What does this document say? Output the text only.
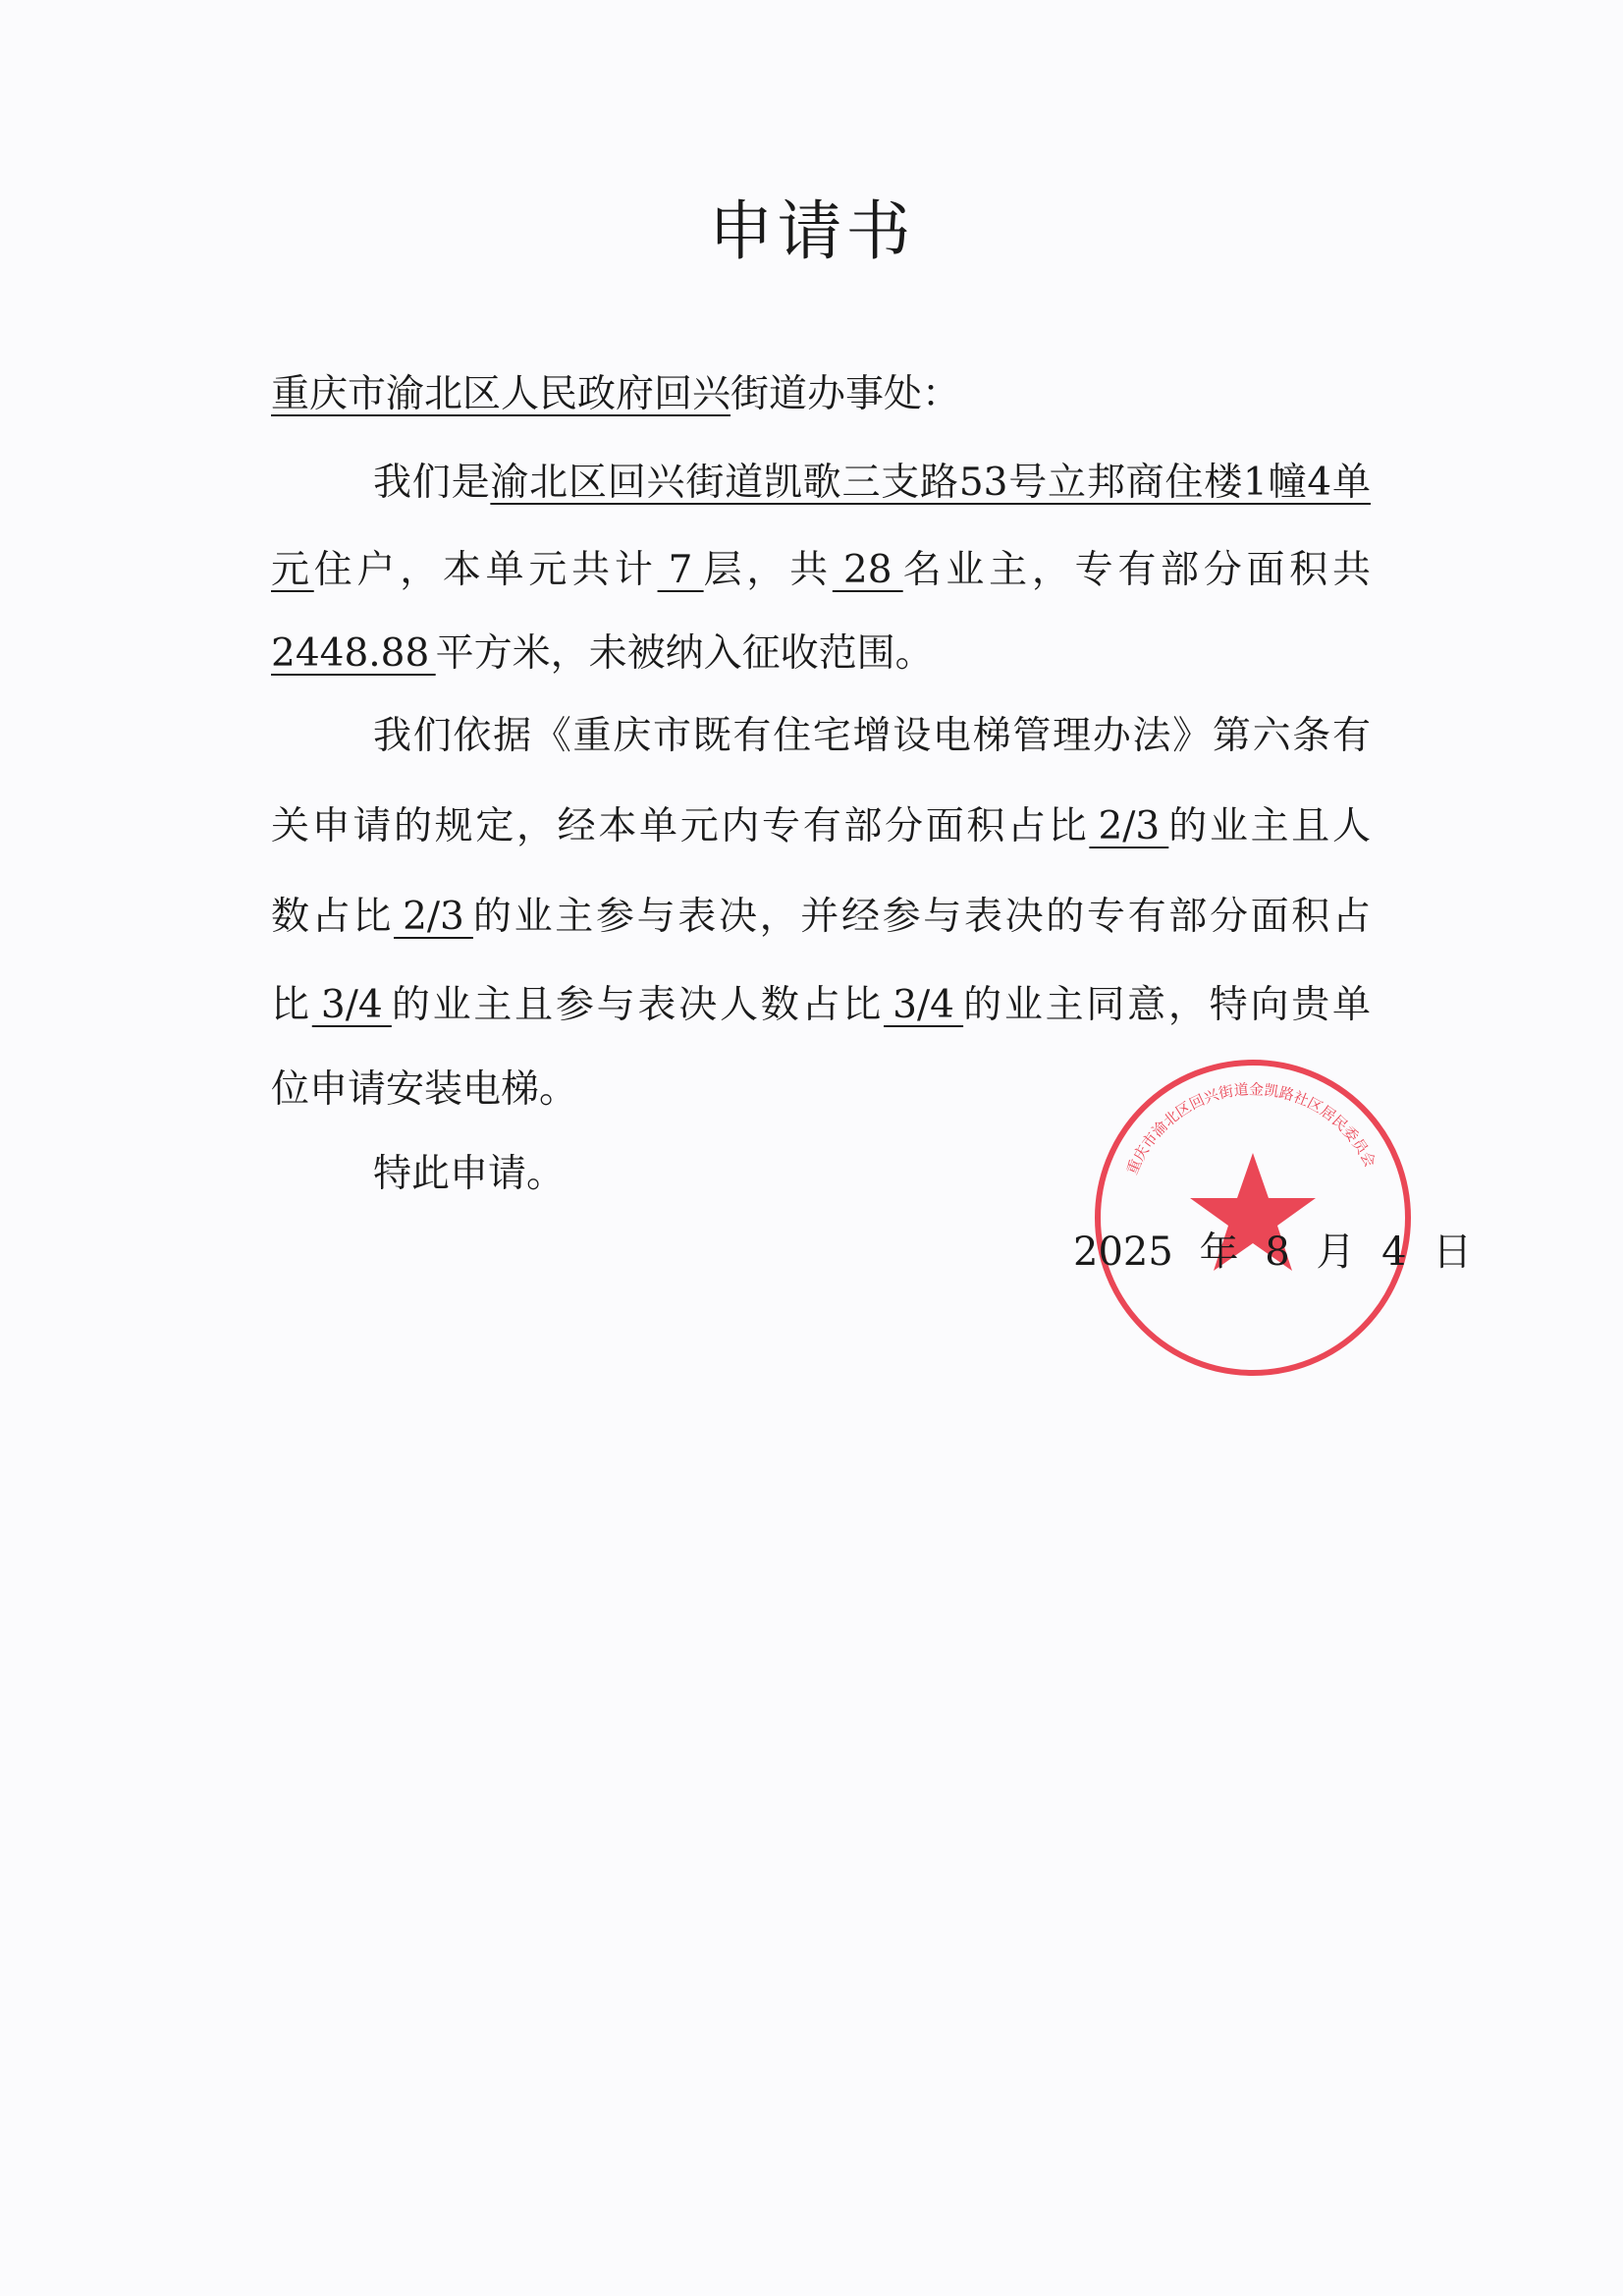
申请书
重庆市渝北区人民政府回兴街道办事处：
我们是渝北区回兴街道凯歌三支路53号立邦商住楼1幢4单
元住户，本单元共计 7 层，共 28 名业主，专有部分面积共
2448.88 平方米，未被纳入征收范围。
我们依据《重庆市既有住宅增设电梯管理办法》第六条有
关申请的规定，经本单元内专有部分面积占比 2/3 的业主且人
数占比 2/3 的业主参与表决，并经参与表决的专有部分面积占
比 3/4 的业主且参与表决人数占比 3/4 的业主同意，特向贵单
位申请安装电梯。
特此申请。	重庆市渝北区回兴街道金凯路社区居民委员会
2025 年 8 月 4 日
